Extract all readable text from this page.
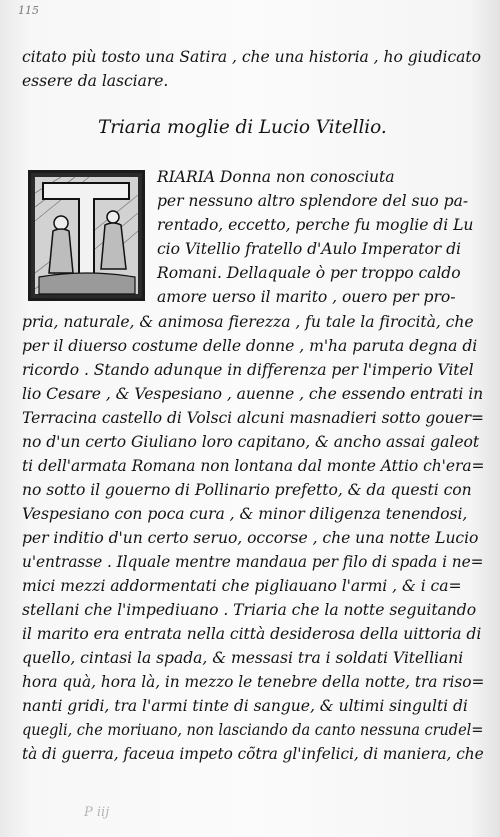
115
citato più tosto una Satira , che una historia , ho giudicato
essere da lasciare.
Triaria moglie di Lucio Vitellio.
RIARIA Donna non conosciuta
per nessuno altro splendore del suo pa-
rentado, eccetto, perche fu moglie di Lu
cio Vitellio fratello d'Aulo Imperator di
Romani. Dellaquale ò per troppo caldo
amore uerso il marito , ouero per pro-
pria, naturale, & animosa fierezza , fu tale la firocità, che
per il diuerso costume delle donne , m'ha paruta degna di
ricordo . Stando adunque in differenza per l'imperio Vitel
lio Cesare , & Vespesiano , auenne , che essendo entrati in
Terracina castello di Volsci alcuni masnadieri sotto gouer=
no d'un certo Giuliano loro capitano, & ancho assai galeot
ti dell'armata Romana non lontana dal monte Attio ch'era=
no sotto il gouerno di Pollinario prefetto, & da questi con
Vespesiano con poca cura , & minor diligenza tenendosi,
per inditio d'un certo seruo, occorse , che una notte Lucio
u'entrasse . Ilquale mentre mandaua per filo di spada i ne=
mici mezzi addormentati che pigliauano l'armi , & i ca=
stellani che l'impediuano . Triaria che la notte seguitando
il marito era entrata nella città desiderosa della uittoria di
quello, cintasi la spada, & messasi tra i soldati Vitelliani
hora quà, hora là, in mezzo le tenebre della notte, tra riso=
nanti gridi, tra l'armi tinte di sangue, & ultimi singulti di
quegli, che moriuano, non lasciando da canto nessuna crudel=
tà di guerra, faceua impeto cõtra gl'infelici, di maniera, che
P iij
